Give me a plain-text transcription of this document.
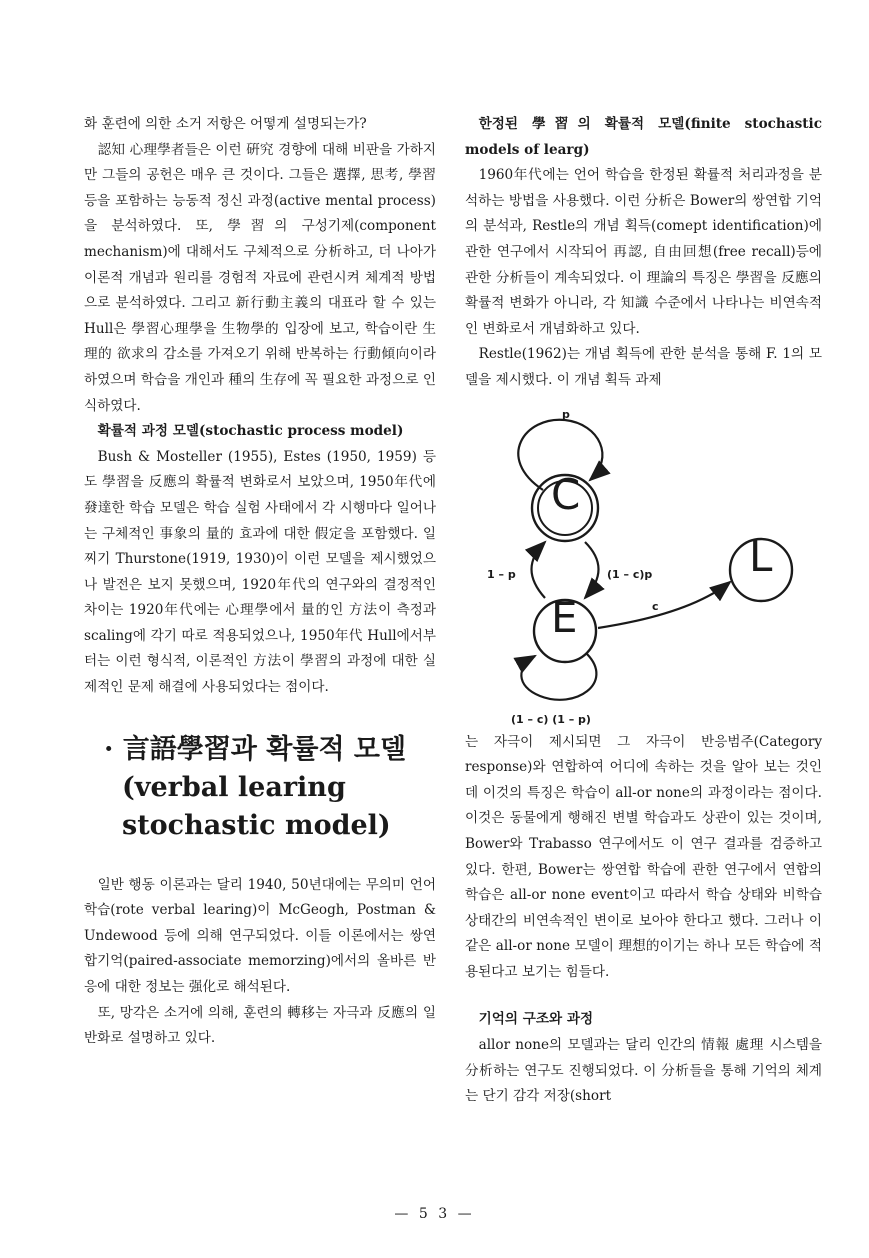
화 훈련에 의한 소거 저항은 어떻게 설명되는가?

認知 心理學者들은 이런 硏究 경향에 대해 비판을 가하지만 그들의 공헌은 매우 큰 것이다. 그들은 選擇, 思考, 學習 등을 포함하는 능동적 정신 과정(active mental process)을 분석하였다. 또, 學習의 구성기제(component mechanism)에 대해서도 구체적으로 分析하고, 더 나아가 이론적 개념과 원리를 경험적 자료에 관련시켜 체계적 방법으로 분석하였다. 그리고 新行動主義의 대표라 할 수 있는 Hull은 學習心理學을 生物學的 입장에 보고, 학습이란 生理的 欲求의 감소를 가져오기 위해 반복하는 行動傾向이라 하였으며 학습을 개인과 種의 生存에 꼭 필요한 과정으로 인식하였다.

확률적 과정 모델(stochastic process model)

Bush & Mosteller (1955), Estes (1950, 1959) 등도 學習을 反應의 확률적 변화로서 보았으며, 1950年代에 發達한 학습 모델은 학습 실험 사태에서 각 시행마다 일어나는 구체적인 事象의 量的 효과에 대한 假定을 포함했다. 일찌기 Thurstone(1919, 1930)이 이런 모델을 제시했었으나 발전은 보지 못했으며, 1920年代의 연구와의 결정적인 차이는 1920年代에는 心理學에서 量的인 方法이 측정과 scaling에 각기 따로 적용되었으나, 1950年代 Hull에서부터는 이런 형식적, 이론적인 方法이 學習의 과정에 대한 실제적인 문제 해결에 사용되었다는 점이다.

· 言語學習과 확률적 모델 (verbal learing stochastic model)

일반 행동 이론과는 달리 1940, 50년대에는 무의미 언어학습(rote verbal learing)이 McGeogh, Postman & Undewood 등에 의해 연구되었다. 이들 이론에서는 쌍연합기억(paired-associate memorzing)에서의 올바른 반응에 대한 정보는 强化로 해석된다.

또, 망각은 소거에 의해, 훈련의 轉移는 자극과 反應의 일반화로 설명하고 있다.

한정된 學習의 확률적 모델(finite stochastic models of learg)

1960年代에는 언어 학습을 한정된 확률적 처리과정을 분석하는 방법을 사용했다. 이런 分析은 Bower의 쌍연합 기억의 분석과, Restle의 개념 획득(comept identification)에 관한 연구에서 시작되어 再認, 自由回想(free recall)등에 관한 分析들이 계속되었다. 이 理論의 특징은 學習을 反應의 확률적 변화가 아니라, 각 知識 수준에서 나타나는 비연속적인 변화로서 개념화하고 있다.

Restle(1962)는 개념 획득에 관한 분석을 통해 F. 1의 모델을 제시했다. 이 개념 획득 과제

C
E
L
p
1 – p	(1 – c)p
c
(1 – c) (1 – p)

는 자극이 제시되면 그 자극이 반응범주(Category response)와 연합하여 어디에 속하는 것을 알아 보는 것인데 이것의 특징은 학습이 all-or none의 과정이라는 점이다. 이것은 동물에게 행해진 변별 학습과도 상관이 있는 것이며, Bower와 Trabasso 연구에서도 이 연구 결과를 검증하고 있다. 한편, Bower는 쌍연합 학습에 관한 연구에서 연합의 학습은 all-or none event이고 따라서 학습 상태와 비학습 상태간의 비연속적인 변이로 보아야 한다고 했다. 그러나 이 같은 all-or none 모델이 理想的이기는 하나 모든 학습에 적용된다고 보기는 힘들다.

기억의 구조와 과정

allor none의 모델과는 달리 인간의 情報 處理 시스템을 分析하는 연구도 진행되었다. 이 分析들을 통해 기억의 체계는 단기 감각 저장(short

— 5 3 —
